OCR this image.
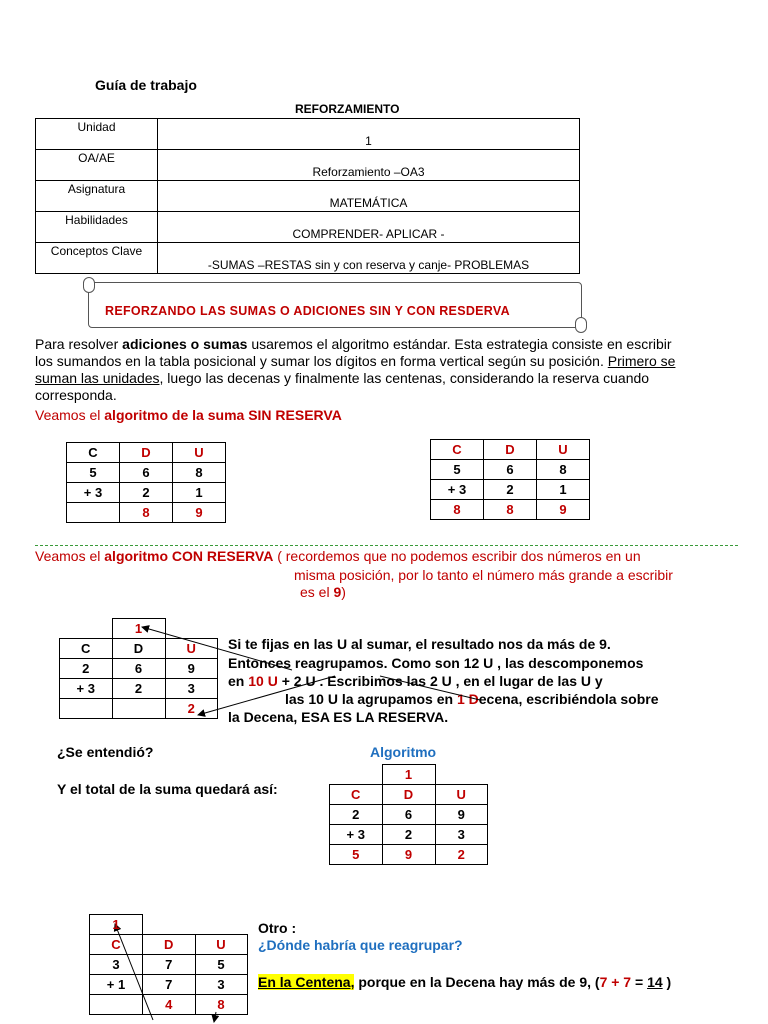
Guía de trabajo
REFORZAMIENTO
Unidad	1
OA/AE	Reforzamiento –OA3
Asignatura	MATEMÁTICA
Habilidades	COMPRENDER- APLICAR -
Conceptos Clave	-SUMAS –RESTAS sin y con reserva y canje- PROBLEMAS
REFORZANDO LAS SUMAS O ADICIONES SIN Y CON RESDERVA
Para resolver adiciones o sumas usaremos el algoritmo estándar. Esta estrategia consiste en escribir
los sumandos en la tabla posicional y sumar los dígitos en forma vertical según su posición. Primero se
suman las unidades, luego las decenas y finalmente las centenas, considerando la reserva cuando
corresponda.
Veamos el algoritmo de la suma SIN RESERVA
C	D	U
5	6	8
+ 3	2	1
	8	9
C	D	U
5	6	8
+ 3	2	1
8	8	9
Veamos el algoritmo CON RESERVA ( recordemos que no podemos escribir dos números en un
misma posición, por lo tanto el número más grande a escribir
es el 9)
	1	
C	D	U
2	6	9
+ 3	2	3
		2
Si te fijas en las U al sumar, el resultado nos da más de 9.
Entonces reagrupamos. Como son 12 U , las descomponemos
en 10 U + 2 U . Escribimos las 2 U , en el lugar de las U y
las 10 U la agrupamos en 1 Decena, escribiéndola sobre
la Decena, ESA ES LA RESERVA.
¿Se entendió?	Algoritmo
Y el total de la suma quedará así:
	1	
C	D	U
2	6	9
+ 3	2	3
5	9	2
1		
C	D	U
3	7	5
+ 1	7	3
	4	8
Otro :
¿Dónde habría que reagrupar?
En la Centena, porque en la Decena hay más de 9, (7 + 7 = 14 )
